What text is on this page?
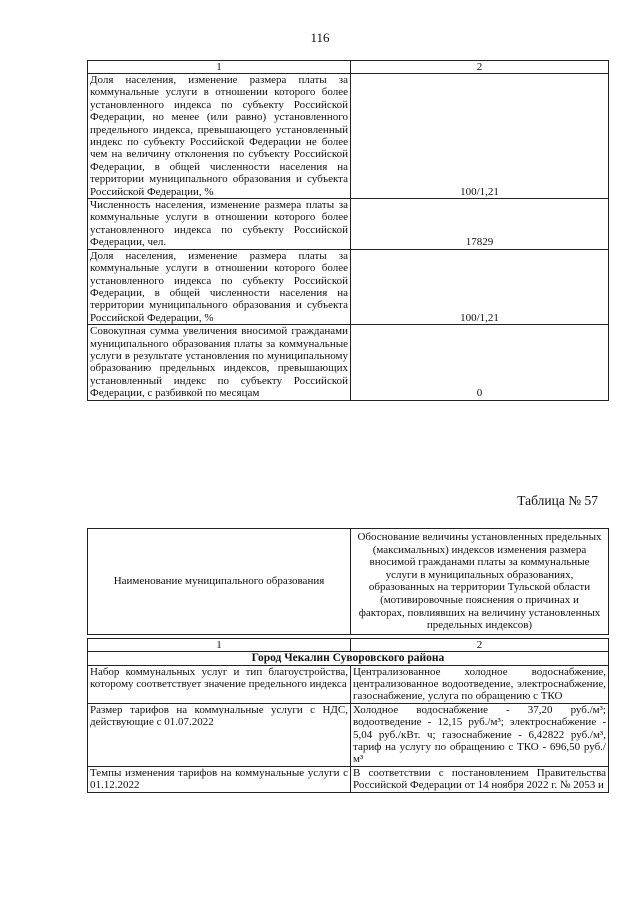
116
1	2
Доля населения, изменение размера платы за коммунальные услуги в отношении которого более установленного индекса по субъекту Российской Федерации, но менее (или равно) установленного предельного индекса, превышающего установленный индекс по субъекту Российской Федерации не более чем на величину отклонения по субъекту Российской Федерации, в общей численности населения на территории муниципального образования и субъекта Российской Федерации, %	100/1,21
Численность населения, изменение размера платы за коммунальные услуги в отношении которого более установленного индекса по субъекту Российской Федерации, чел.	17829
Доля населения, изменение размера платы за коммунальные услуги в отношении которого более установленного индекса по субъекту Российской Федерации, в общей численности населения на территории муниципального образования и субъекта Российской Федерации, %	100/1,21
Совокупная сумма увеличения вносимой гражданами муниципального образования платы за коммунальные услуги в результате установления по муниципальному образованию предельных индексов, превышающих установленный индекс по субъекту Российской Федерации, с разбивкой по месяцам	0
Таблица № 57
Наименование муниципального образования	Обоснование величины установленных предельных (максимальных) индексов изменения размера вносимой гражданами платы за коммунальные услуги в муниципальных образованиях, образованных на территории Тульской области (мотивировочные пояснения о причинах и факторах, повлиявших на величину установленных предельных индексов)

1	2
Город Чекалин Суворовского района	
Набор коммунальных услуг и тип благоустройства, которому соответствует значение предельного индекса	Централизованное холодное водоснабжение, централизованное водоотведение, электроснабжение, газоснабжение, услуга по обращению с ТКО
Размер тарифов на коммунальные услуги с НДС, действующие с 01.07.2022	Холодное водоснабжение - 37,20 руб./м³; водоотведение - 12,15 руб./м³; электроснабжение - 5,04 руб./кВт. ч; газоснабжение - 6,42822 руб./м³, тариф на услугу по обращению с ТКО - 696,50 руб./м³
Темпы изменения тарифов на коммунальные услуги с 01.12.2022	В соответствии с постановлением Правительства Российской Федерации от 14 ноября 2022 г. № 2053 и
